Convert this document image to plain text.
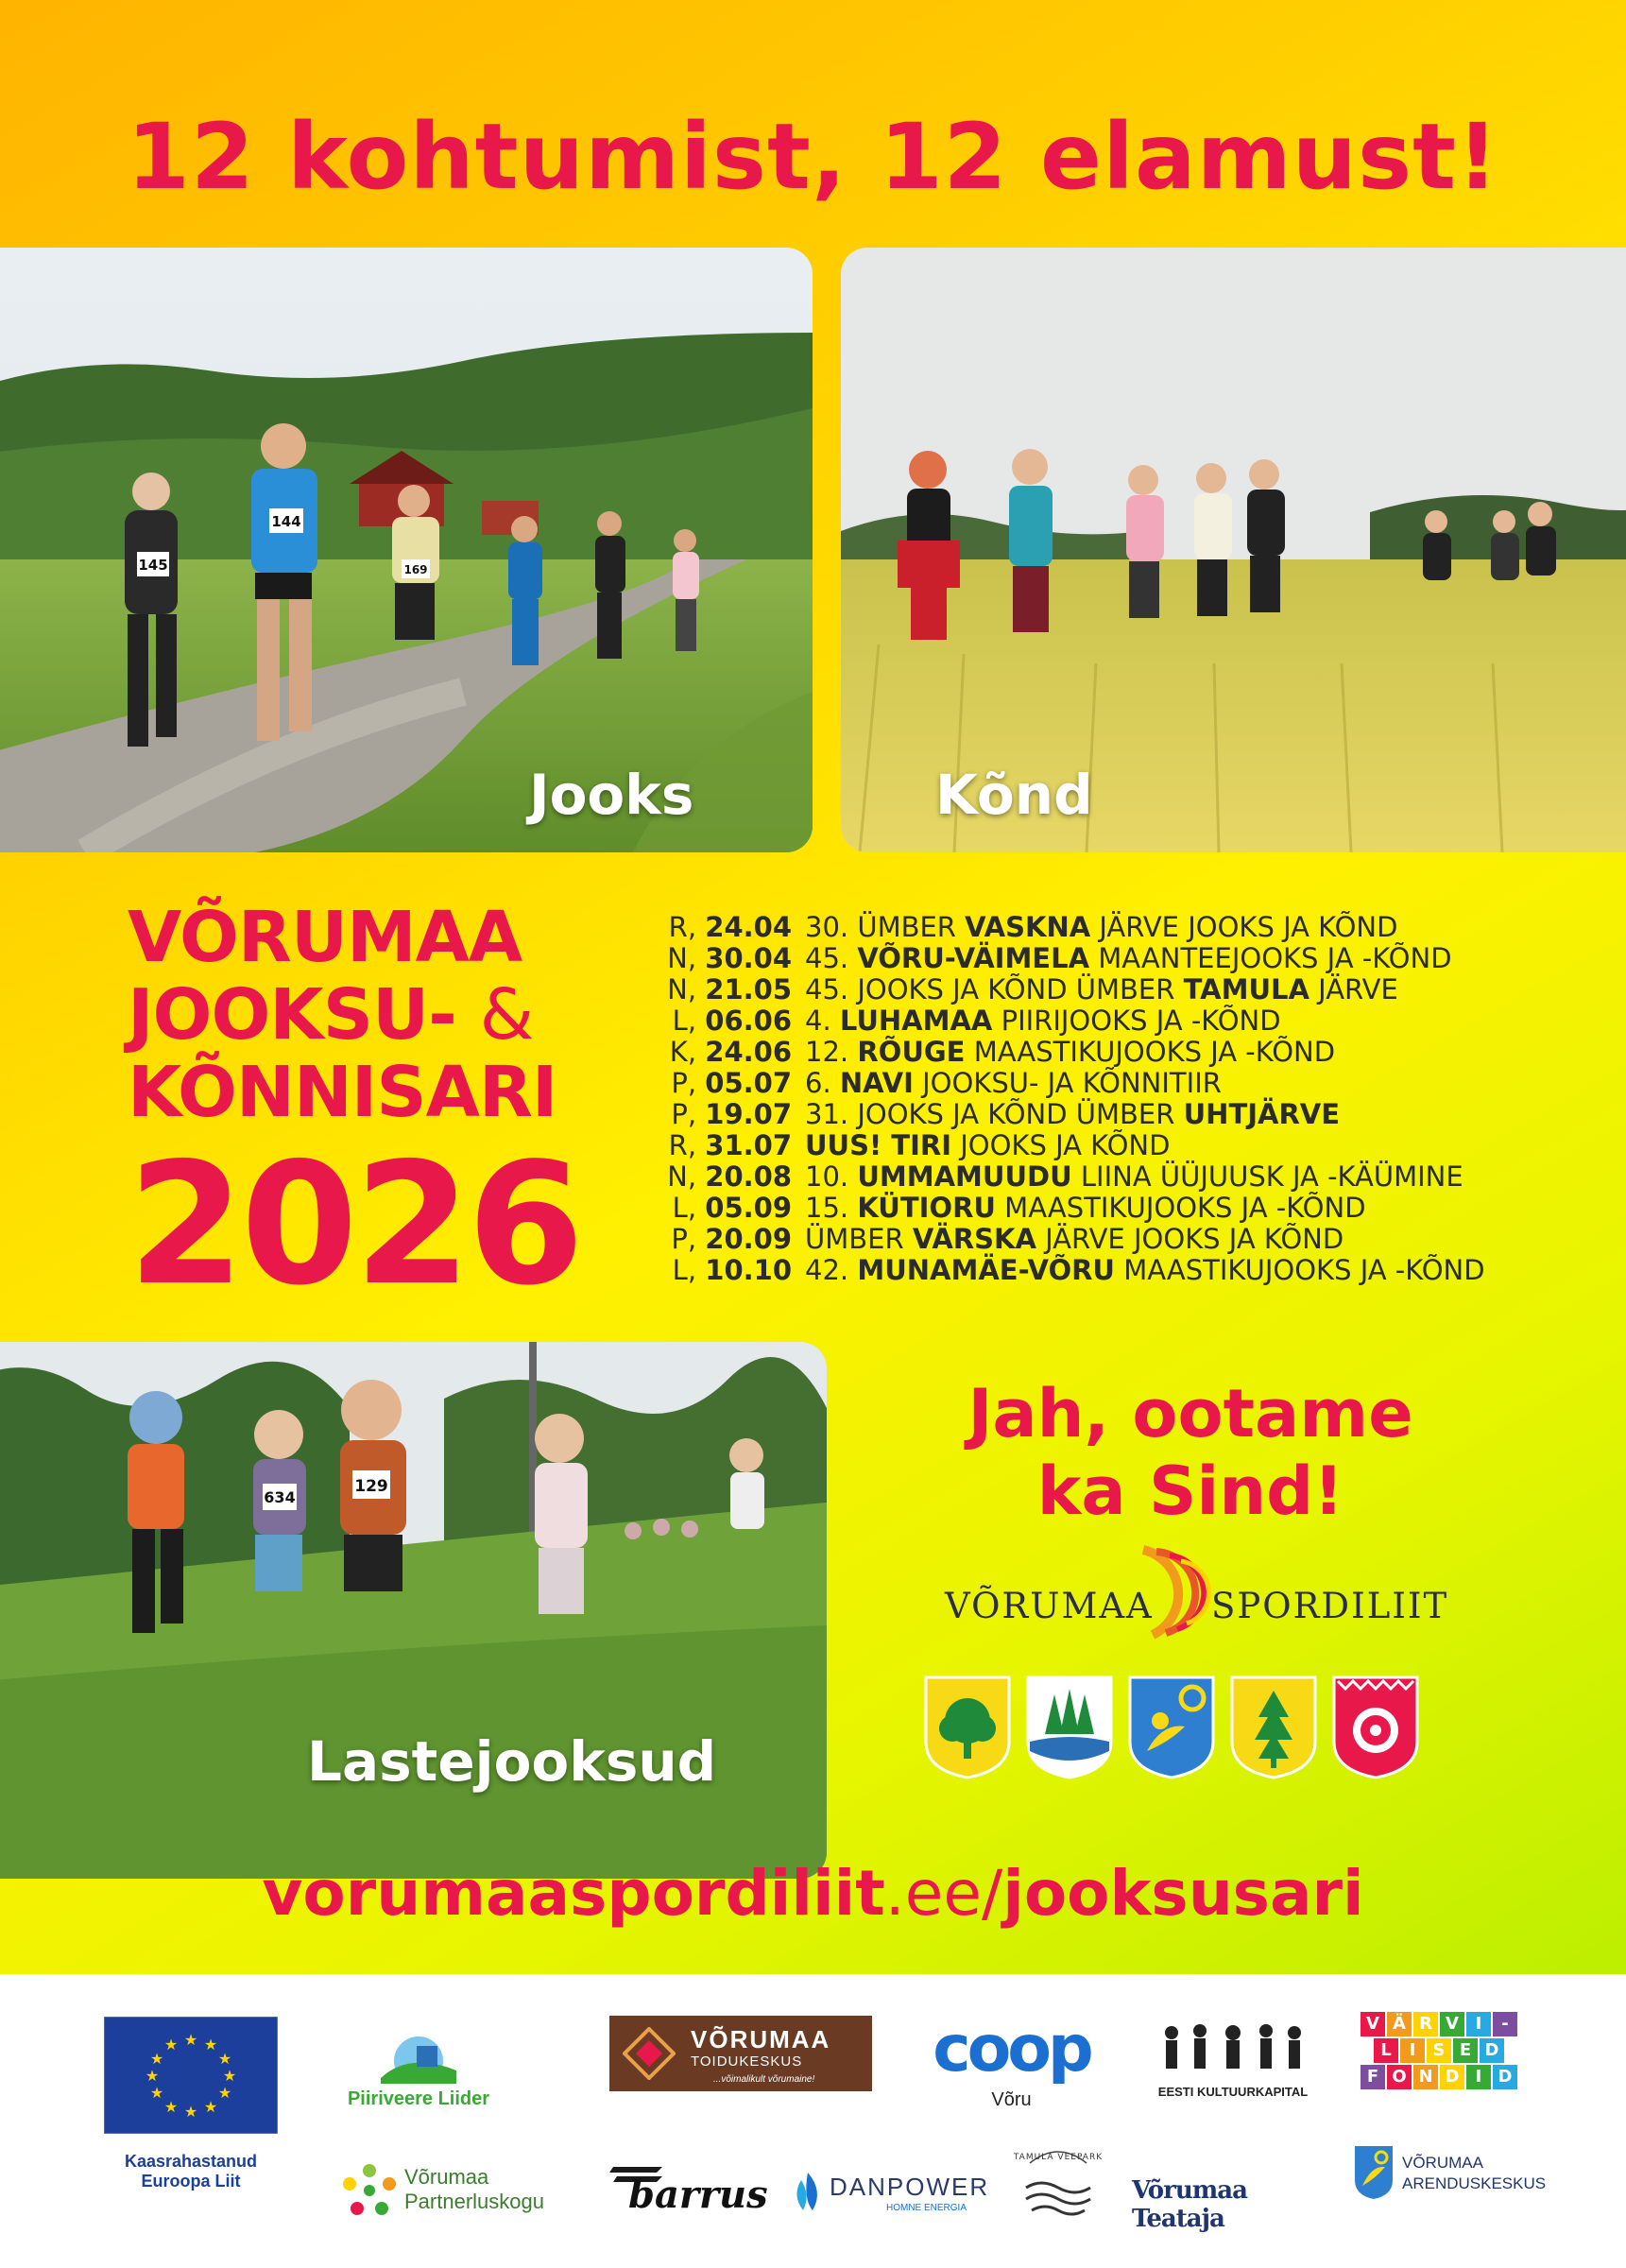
12 kohtumist, 12 elamust!
145
144
169
Jooks	Kõnd
VÕRUMAA
JOOKSU- &
KÕNNISARI
2026
R, 24.04 30. ÜMBER VASKNA JÄRVE JOOKS JA KÕND
N, 30.04 45. VÕRU-VÄIMELA MAANTEEJOOKS JA -KÕND
N, 21.05 45. JOOKS JA KÕND ÜMBER TAMULA JÄRVE
L, 06.06 4. LUHAMAA PIIRIJOOKS JA -KÕND
K, 24.06 12. RÕUGE MAASTIKUJOOKS JA -KÕND
P, 05.07 6. NAVI JOOKSU- JA KÕNNITIIR
P, 19.07 31. JOOKS JA KÕND ÜMBER UHTJÄRVE
R, 31.07 UUS! TIRI JOOKS JA KÕND
N, 20.08 10. UMMAMUUDU LIINA ÜÜJUUSK JA -KÄÜMINE
L, 05.09 15. KÜTIORU MAASTIKUJOOKS JA -KÕND
P, 20.09 ÜMBER VÄRSKA JÄRVE JOOKS JA KÕND
L, 10.10 42. MUNAMÄE-VÕRU MAASTIKUJOOKS JA -KÕND
634
129
Lastejooksud
Jah, ootame
ka Sind!
VÕRUMAA SPORDILIIT
vorumaaspordiliit.ee/jooksusari
★ ★
★
★
★
★
★
★
★
★
★
★
Kaasrahastanud
Euroopa Liit
Piiriveere Liider
VÕRUMAA
TOIDUKESKUS
...võimalikult võrumaine!	coop
Võru	EESTI KULTUURKAPITAL
V Ä R V I	-
L	I	S E D
F O N D I D
Võrumaa
Partnerluskogu barrus	DANPOWER
HOMNE ENERGIA
TAMULA VEEPARK
Võrumaa Teataja
VÕRUMAA
ARENDUSKESKUS
